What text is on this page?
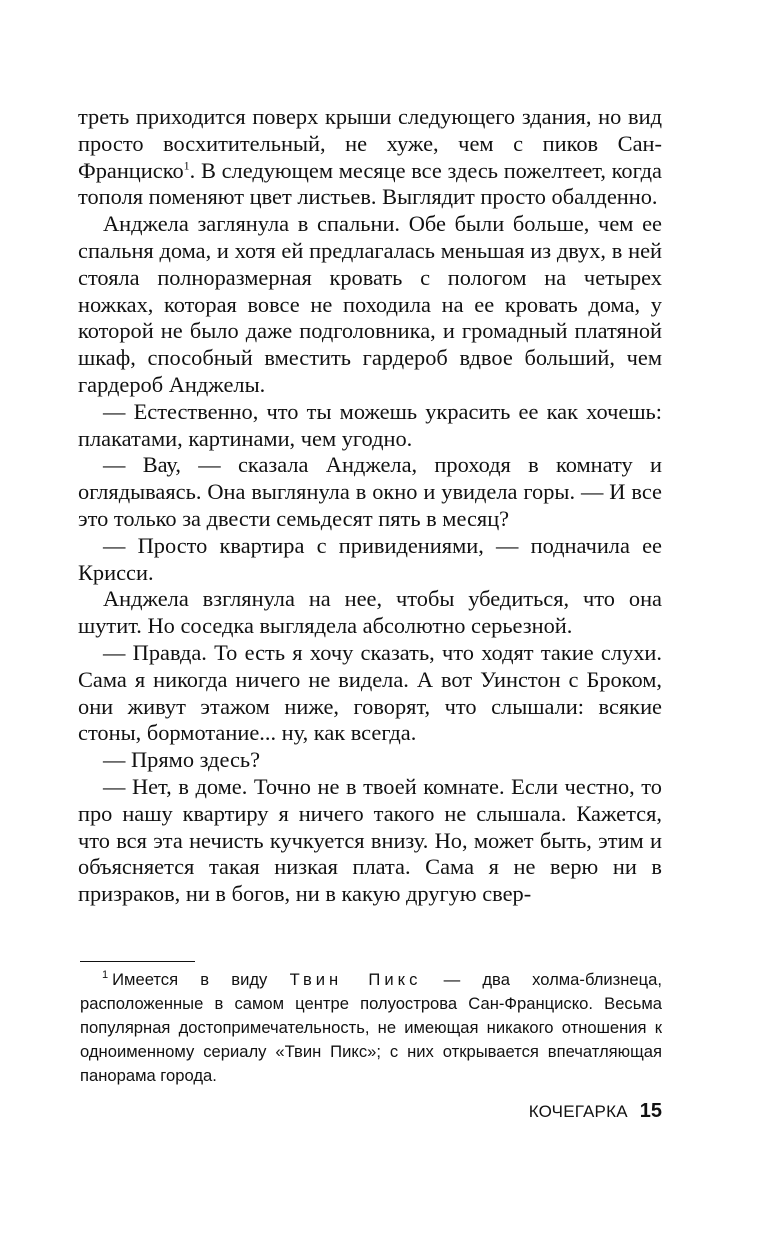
треть приходится поверх крыши следующего здания, но вид просто восхитительный, не хуже, чем с пиков Сан-Франциско$^1$. В следующем месяце все здесь пожелтеет, когда тополя поменяют цвет листьев. Выглядит просто обалденно.

Анджела заглянула в спальни. Обе были больше, чем ее спальня дома, и хотя ей предлагалась меньшая из двух, в ней стояла полноразмерная кровать с пологом на четырех ножках, которая вовсе не походила на ее кровать дома, у которой не было даже подголовника, и громадный платяной шкаф, способный вместить гардероб вдвое больший, чем гардероб Анджелы.

— Естественно, что ты можешь украсить ее как хочешь: плакатами, картинами, чем угодно.

— Вау, — сказала Анджела, проходя в комнату и оглядываясь. Она выглянула в окно и увидела горы. — И все это только за двести семьдесят пять в месяц?

— Просто квартира с привидениями, — подначила ее Крисси.

Анджела взглянула на нее, чтобы убедиться, что она шутит. Но соседка выглядела абсолютно серьезной.

— Правда. То есть я хочу сказать, что ходят такие слухи. Сама я никогда ничего не видела. А вот Уинстон с Броком, они живут этажом ниже, говорят, что слышали: всякие стоны, бормотание... ну, как всегда.

— Прямо здесь?

— Нет, в доме. Точно не в твоей комнате. Если честно, то про нашу квартиру я ничего такого не слышала. Кажется, что вся эта нечисть кучкуется внизу. Но, может быть, этим и объясняется такая низкая плата. Сама я не верю ни в призраков, ни в богов, ни в какую другую свер-

$^1$ Имеется в виду Твин Пикс — два холма-близнеца, расположенные в самом центре полуострова Сан-Франциско. Весьма популярная достопримечательность, не имеющая никакого отношения к одноименному сериалу «Твин Пикс»; с них открывается впечатляющая панорама города.
КОЧЕГАРКА 15
